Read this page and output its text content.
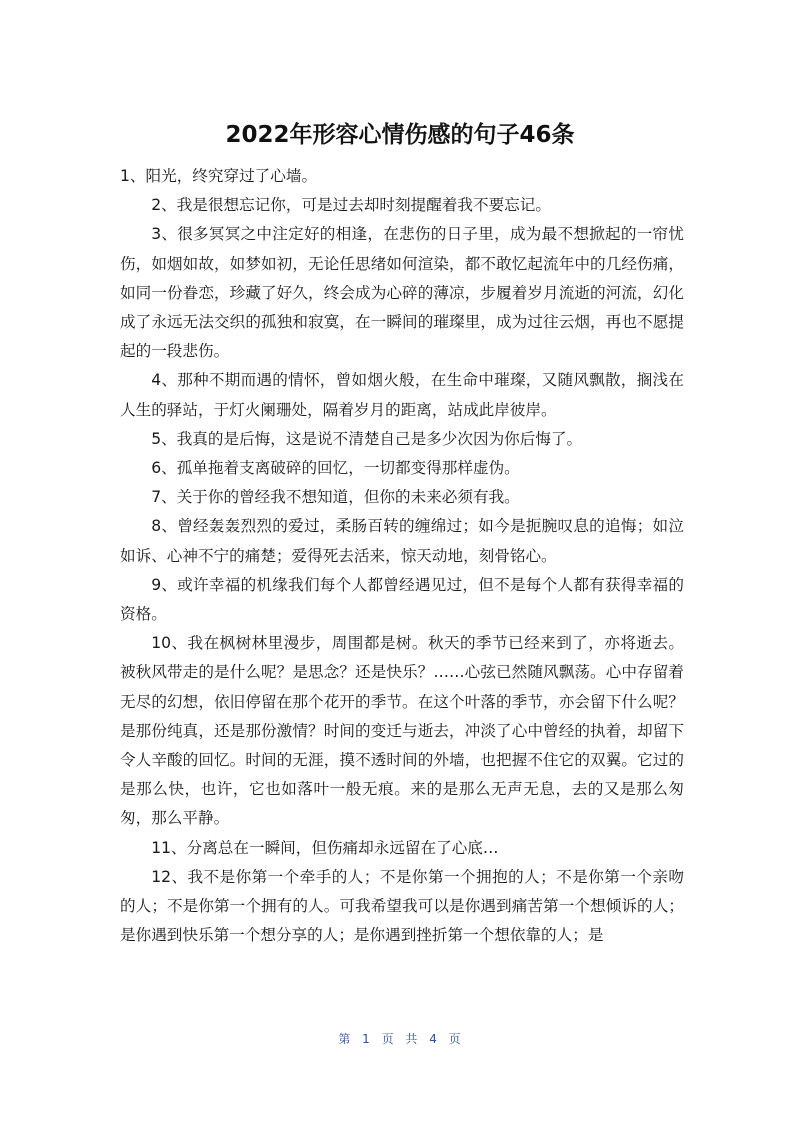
2022年形容心情伤感的句子46条

1、阳光，终究穿过了心墙。

2、我是很想忘记你，可是过去却时刻提醒着我不要忘记。

3、很多冥冥之中注定好的相逢，在悲伤的日子里，成为最不想掀起的一帘忧伤，如烟如故，如梦如初，无论任思绪如何渲染，都不敢忆起流年中的几经伤痛，如同一份眷恋，珍藏了好久，终会成为心碎的薄凉，步履着岁月流逝的河流，幻化成了永远无法交织的孤独和寂寞，在一瞬间的璀璨里，成为过往云烟，再也不愿提起的一段悲伤。

4、那种不期而遇的情怀，曾如烟火般，在生命中璀璨，又随风飘散，搁浅在人生的驿站，于灯火阑珊处，隔着岁月的距离，站成此岸彼岸。

5、我真的是后悔，这是说不清楚自己是多少次因为你后悔了。

6、孤单拖着支离破碎的回忆，一切都变得那样虚伪。

7、关于你的曾经我不想知道，但你的未来必须有我。

8、曾经轰轰烈烈的爱过，柔肠百转的缠绵过；如今是扼腕叹息的追悔；如泣如诉、心神不宁的痛楚；爱得死去活来，惊天动地，刻骨铭心。

9、或许幸福的机缘我们每个人都曾经遇见过，但不是每个人都有获得幸福的资格。

10、我在枫树林里漫步，周围都是树。秋天的季节已经来到了，亦将逝去。被秋风带走的是什么呢？是思念？还是快乐？……心弦已然随风飘荡。心中存留着无尽的幻想，依旧停留在那个花开的季节。在这个叶落的季节，亦会留下什么呢？是那份纯真，还是那份激情？时间的变迁与逝去，冲淡了心中曾经的执着，却留下令人辛酸的回忆。时间的无涯，摸不透时间的外墙，也把握不住它的双翼。它过的是那么快，也许，它也如落叶一般无痕。来的是那么无声无息，去的又是那么匆匆，那么平静。

11、分离总在一瞬间，但伤痛却永远留在了心底…

12、我不是你第一个牵手的人；不是你第一个拥抱的人；不是你第一个亲吻的人；不是你第一个拥有的人。可我希望我可以是你遇到痛苦第一个想倾诉的人；是你遇到快乐第一个想分享的人；是你遇到挫折第一个想依靠的人；是

第 1 页 共 4 页
